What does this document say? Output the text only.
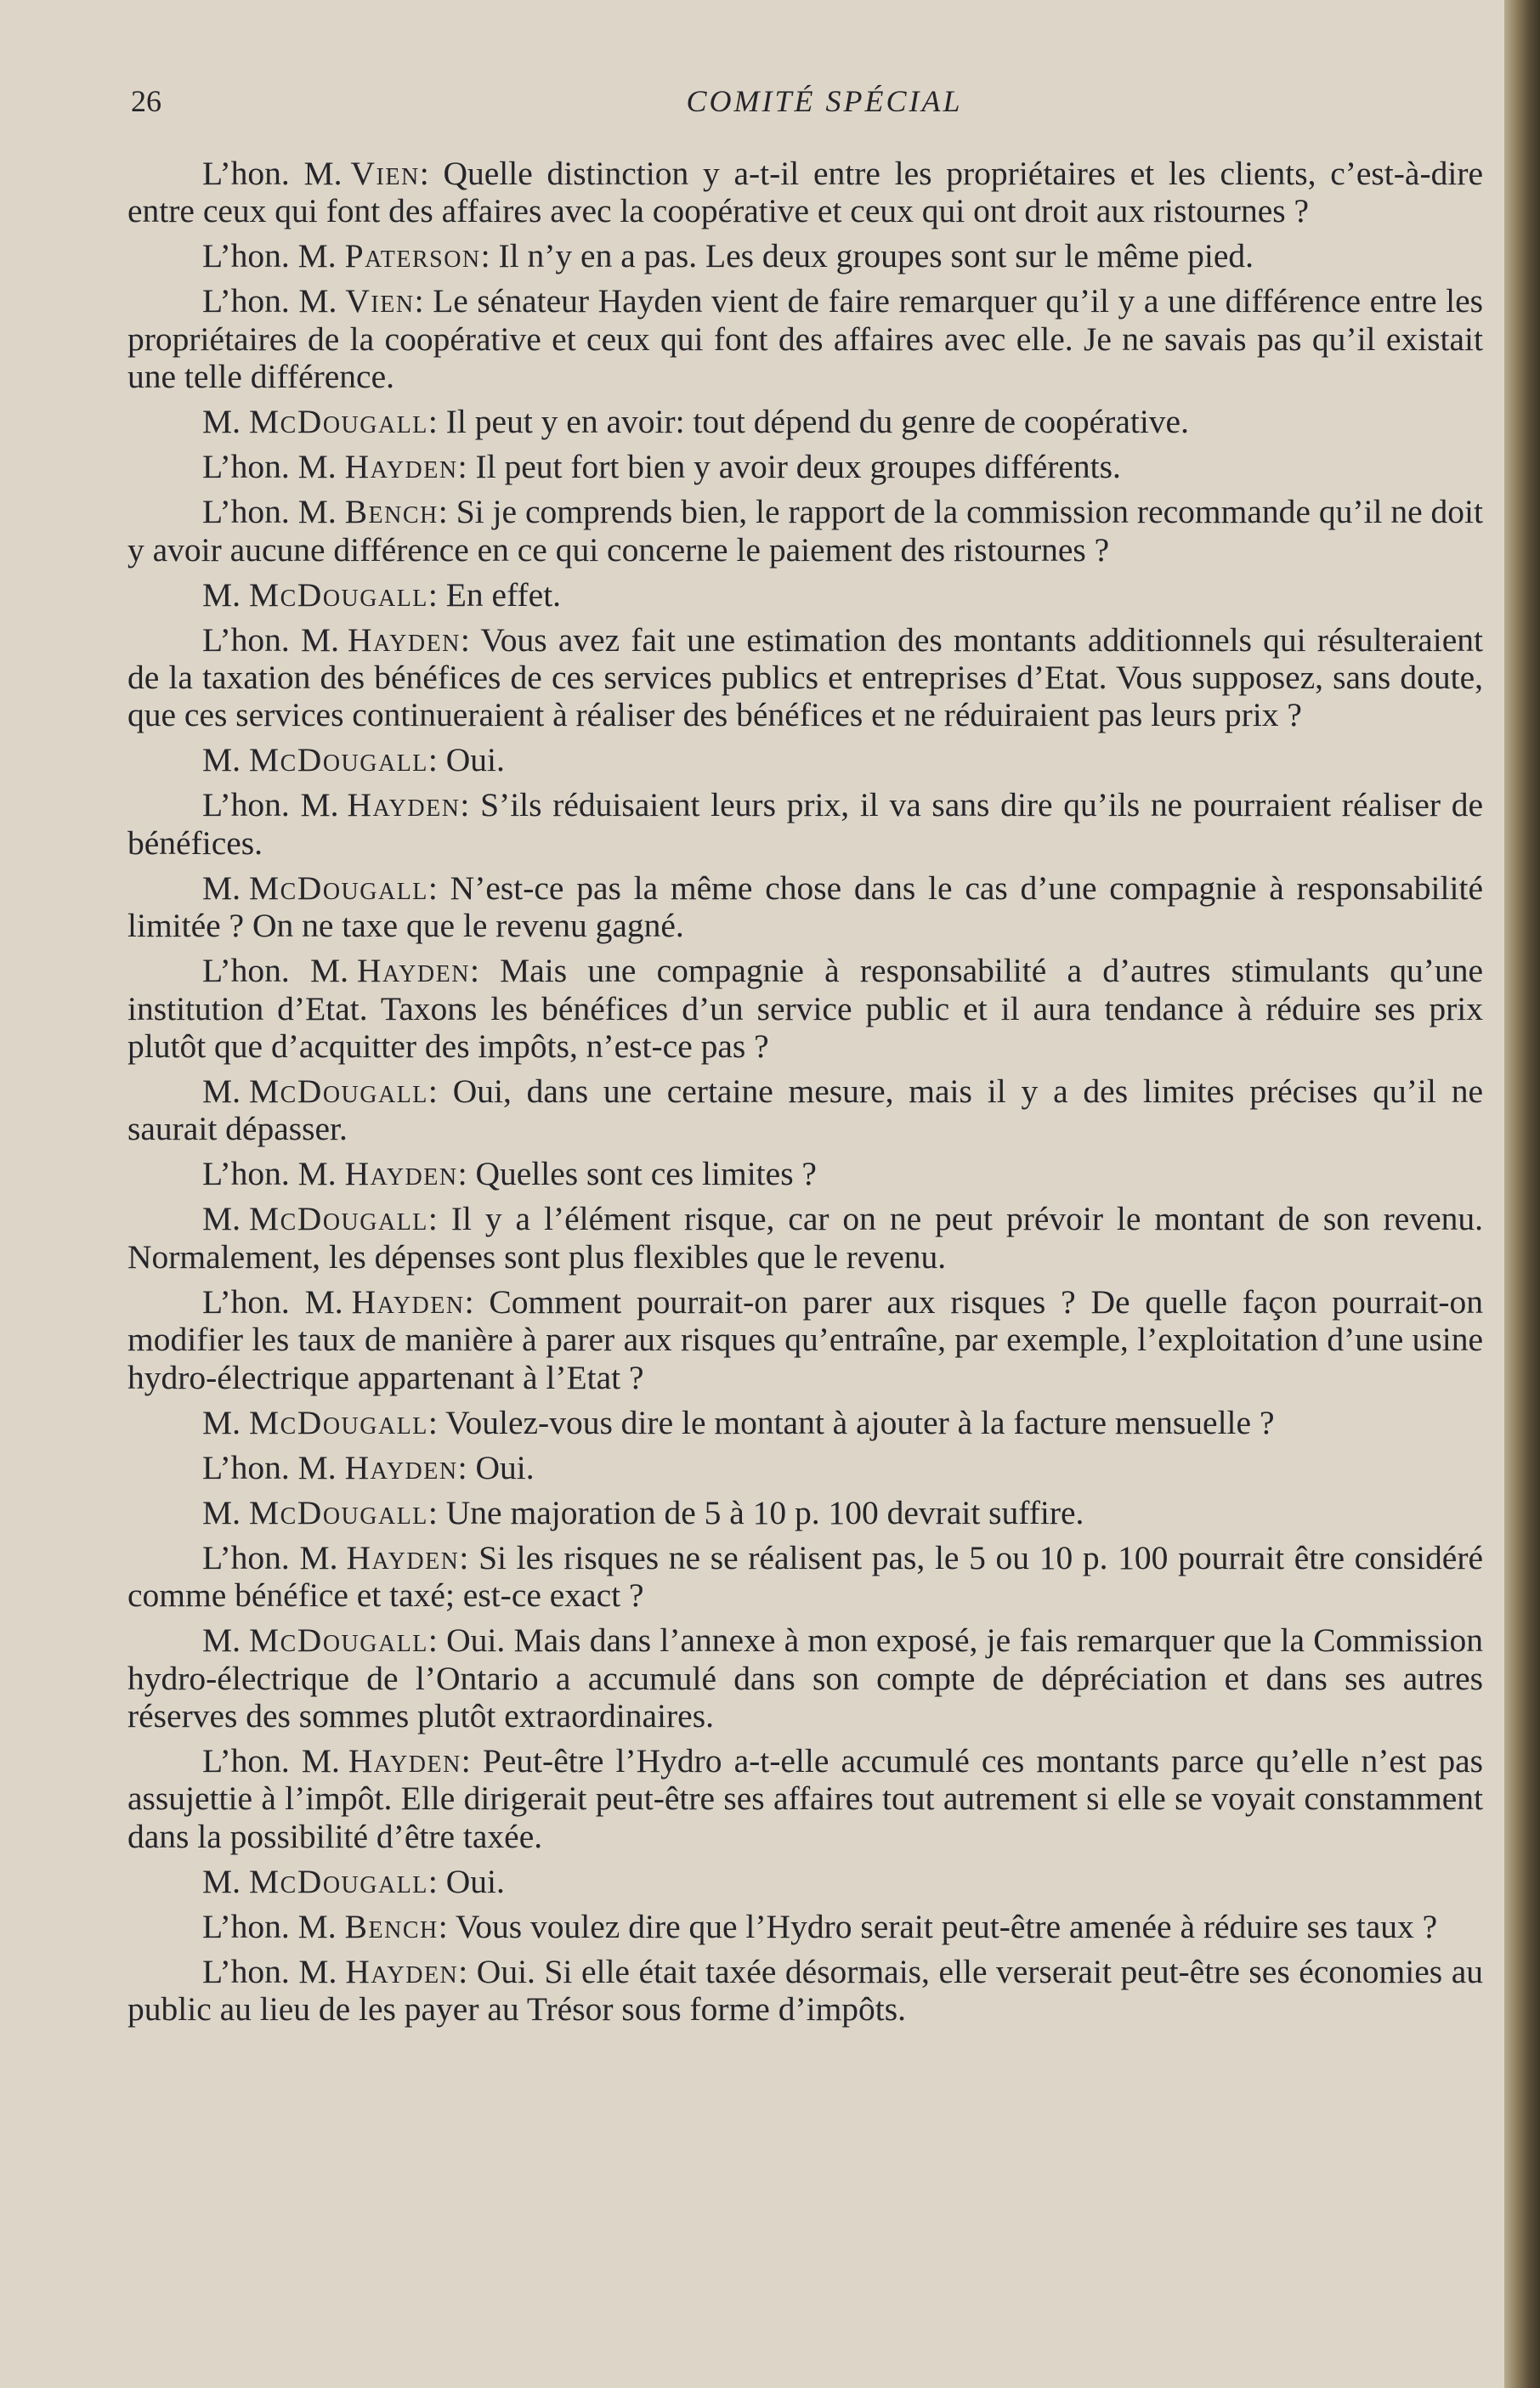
26	COMITÉ SPÉCIAL

L’hon. M. Vien: Quelle distinction y a-t-il entre les propriétaires et les clients, c’est-à-dire entre ceux qui font des affaires avec la coopérative et ceux qui ont droit aux ristournes ?

L’hon. M. Paterson: Il n’y en a pas. Les deux groupes sont sur le même pied.

L’hon. M. Vien: Le sénateur Hayden vient de faire remarquer qu’il y a une différence entre les propriétaires de la coopérative et ceux qui font des affaires avec elle. Je ne savais pas qu’il existait une telle différence.

M. McDougall: Il peut y en avoir: tout dépend du genre de coopérative.

L’hon. M. Hayden: Il peut fort bien y avoir deux groupes différents.

L’hon. M. Bench: Si je comprends bien, le rapport de la commission recommande qu’il ne doit y avoir aucune différence en ce qui concerne le paiement des ristournes ?

M. McDougall: En effet.

L’hon. M. Hayden: Vous avez fait une estimation des montants additionnels qui résulteraient de la taxation des bénéfices de ces services publics et entreprises d’Etat. Vous supposez, sans doute, que ces services continueraient à réaliser des bénéfices et ne réduiraient pas leurs prix ?

M. McDougall: Oui.

L’hon. M. Hayden: S’ils réduisaient leurs prix, il va sans dire qu’ils ne pourraient réaliser de bénéfices.

M. McDougall: N’est-ce pas la même chose dans le cas d’une compagnie à responsabilité limitée ? On ne taxe que le revenu gagné.

L’hon. M. Hayden: Mais une compagnie à responsabilité a d’autres stimulants qu’une institution d’Etat. Taxons les bénéfices d’un service public et il aura tendance à réduire ses prix plutôt que d’acquitter des impôts, n’est-ce pas ?

M. McDougall: Oui, dans une certaine mesure, mais il y a des limites précises qu’il ne saurait dépasser.

L’hon. M. Hayden: Quelles sont ces limites ?

M. McDougall: Il y a l’élément risque, car on ne peut prévoir le montant de son revenu. Normalement, les dépenses sont plus flexibles que le revenu.

L’hon. M. Hayden: Comment pourrait-on parer aux risques ? De quelle façon pourrait-on modifier les taux de manière à parer aux risques qu’entraîne, par exemple, l’exploitation d’une usine hydro-électrique appartenant à l’Etat ?

M. McDougall: Voulez-vous dire le montant à ajouter à la facture mensuelle ?

L’hon. M. Hayden: Oui.

M. McDougall: Une majoration de 5 à 10 p. 100 devrait suffire.

L’hon. M. Hayden: Si les risques ne se réalisent pas, le 5 ou 10 p. 100 pourrait être considéré comme bénéfice et taxé; est-ce exact ?

M. McDougall: Oui. Mais dans l’annexe à mon exposé, je fais remarquer que la Commission hydro-électrique de l’Ontario a accumulé dans son compte de dépréciation et dans ses autres réserves des sommes plutôt extraordinaires.

L’hon. M. Hayden: Peut-être l’Hydro a-t-elle accumulé ces montants parce qu’elle n’est pas assujettie à l’impôt. Elle dirigerait peut-être ses affaires tout autrement si elle se voyait constamment dans la possibilité d’être taxée.

M. McDougall: Oui.

L’hon. M. Bench: Vous voulez dire que l’Hydro serait peut-être amenée à réduire ses taux ?

L’hon. M. Hayden: Oui. Si elle était taxée désormais, elle verserait peut-être ses économies au public au lieu de les payer au Trésor sous forme d’impôts.
